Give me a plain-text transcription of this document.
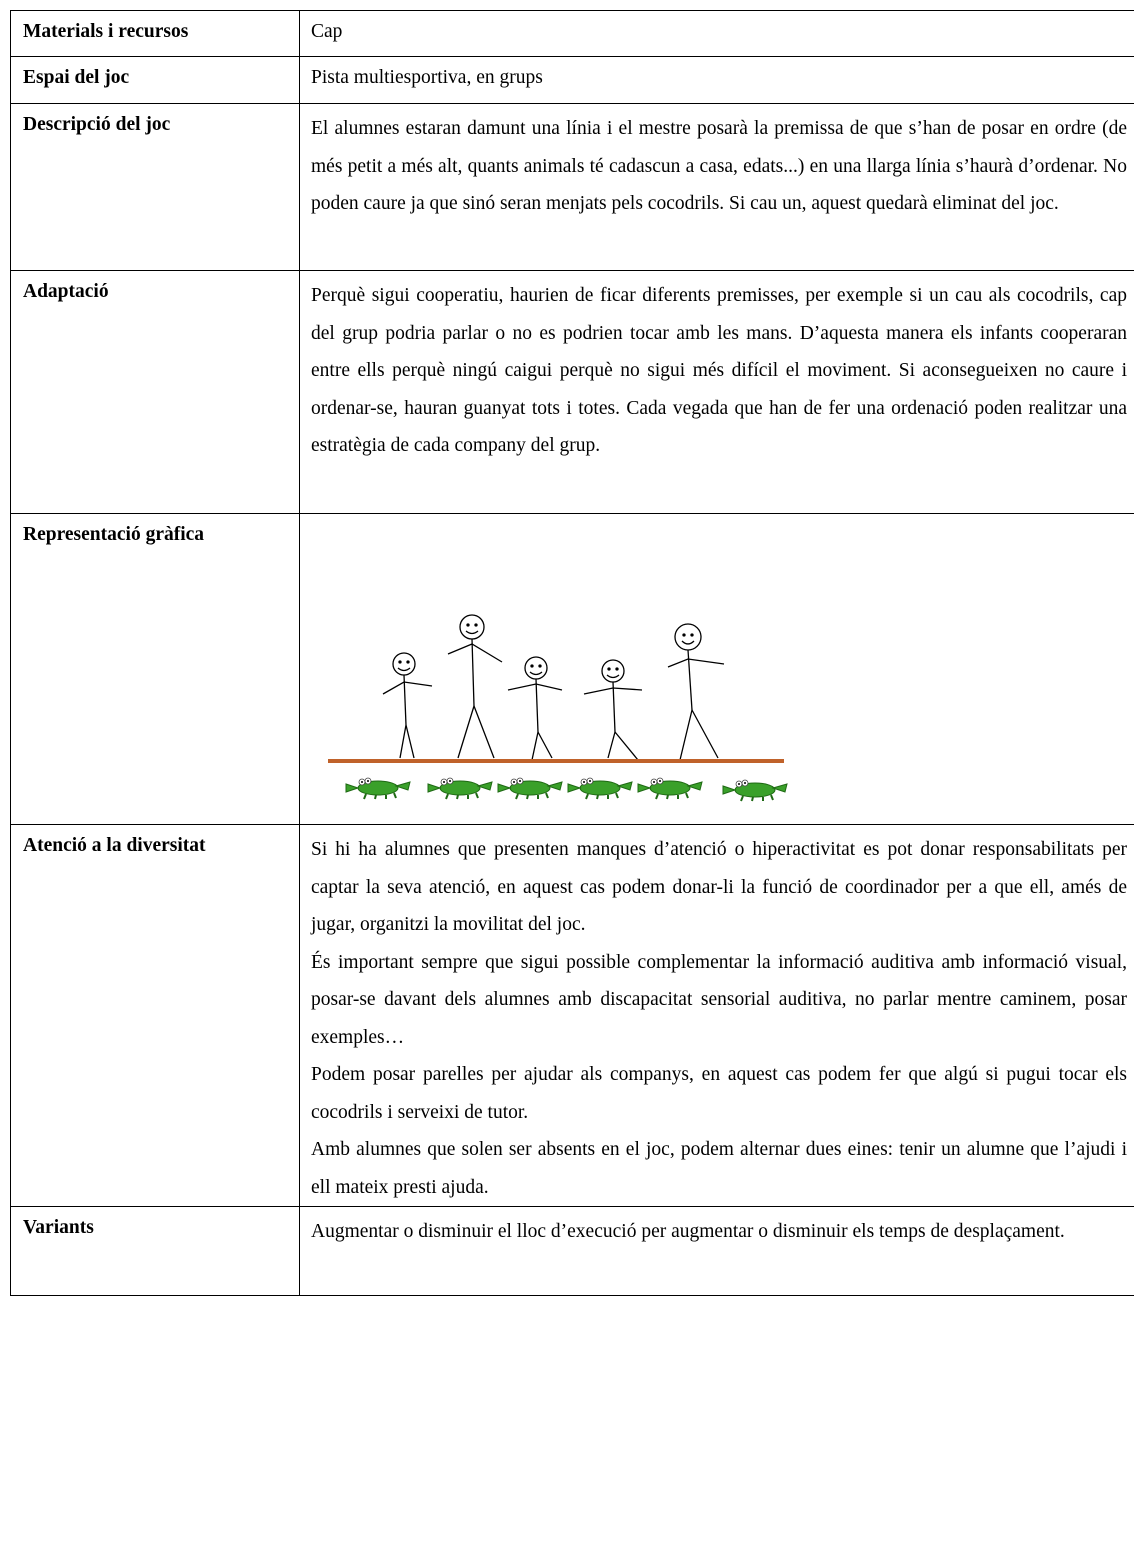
Materials i recursos	Cap

Espai del joc	Pista multiesportiva, en grups

Descripció del joc	El alumnes estaran damunt una línia i el mestre posarà la premissa de que s’han de posar en ordre (de més petit a més alt, quants animals té cadascun a casa, edats...) en una llarga línia s’haurà d’ordenar. No poden caure ja que sinó seran menjats pels cocodrils. Si cau un, aquest quedarà eliminat del joc.

Adaptació	Perquè sigui cooperatiu, haurien de ficar diferents premisses, per exemple si un cau als cocodrils, cap del grup podria parlar o no es podrien tocar amb les mans. D’aquesta manera els infants cooperaran entre ells perquè ningú caigui perquè no sigui més difícil el moviment. Si aconsegueixen no caure i ordenar-se, hauran guanyat tots i totes. Cada vegada que han de fer una ordenació poden realitzar una estratègia de cada company del grup.

Representació gràfica	

Atenció a la diversitat	Si hi ha alumnes que presenten manques d’atenció o hiperactivitat es pot donar responsabilitats per captar la seva atenció, en aquest cas podem donar-li la funció de coordinador per a que ell, amés de jugar, organitzi la movilitat del joc.

És important sempre que sigui possible complementar la informació auditiva amb informació visual, posar-se davant dels alumnes amb discapacitat sensorial auditiva, no parlar mentre caminem, posar exemples…

Podem posar parelles per ajudar als companys, en aquest cas podem fer que algú si pugui tocar els cocodrils i serveixi de tutor.

Amb alumnes que solen ser absents en el joc, podem alternar dues eines: tenir un alumne que l’ajudi i ell mateix presti ajuda.

Variants	Augmentar o disminuir el lloc d’execució per augmentar o disminuir els temps de desplaçament.
